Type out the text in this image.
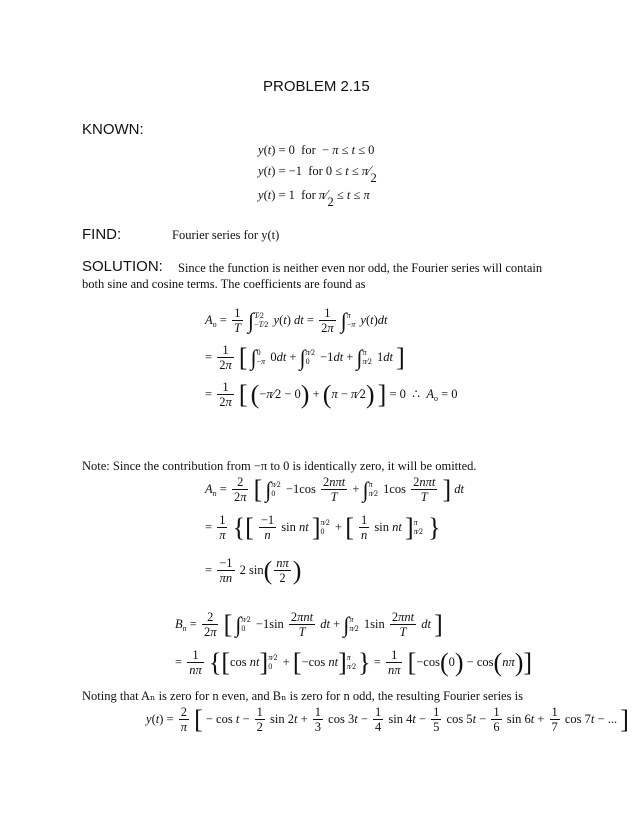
PROBLEM 2.15
KNOWN:
y(t) = 0  for  − π ≤ t ≤ 0
y(t) = −1  for 0 ≤ t ≤ π⁄2
y(t) = 1  for π⁄2 ≤ t ≤ π
FIND:	Fourier series for y(t)
SOLUTION: Since the function is neither even nor odd, the Fourier series will contain
both sine and cosine terms. The coefficients are found as
$A_o = \frac{1}{T}$ ∫ T⁄2
−T⁄2 y(t) dt = $\frac{1}{2\pi}$ ∫ π
−π y(t)dt
= $\frac{1}{2\pi}$ [ ∫ 0
−π 0dt + ∫ π⁄2
0 −1dt + ∫ π
π⁄2 1dt ]
= $\frac{1}{2\pi}$ [ (−π⁄2 − 0) + (π − π⁄2) ] = 0  ∴  $A_o = 0$
Note: Since the contribution from −π to 0 is identically zero, it will be omitted.
$A_n = \frac{2}{2\pi}$ [ ∫ π⁄2
$0 -1\cos \frac{\text{2nπt}}{T}$ + ∫ π
π⁄2 $1\cos \frac{\text{2nπt}}{T}$ ] dt
= $\frac{1}{\pi}$ {[ $\frac{-1}{n}$ sin nt ] π⁄2
0 + [ $\frac{1}{n}$ sin nt ] π
π⁄2 }
= $\frac{-1}{\pi n} 2$ $\sin( \frac{n\pi}{2}$ )
$B_n = \frac{2}{2\pi}$ [ ∫ π⁄2
$0 -1\sin \frac{\text{2πnt}}{T}$ dt + ∫ π
π⁄2 $1\sin \frac{\text{2πnt}}{T}$ dt ]
= $\frac{1}{n\pi} \{[\cos$ nt] π⁄2
0 + [−cos nt] π
π⁄2 } = $\frac{1}{n\pi} [-\cos(0) - \cos(n\pi)]$
Noting that Aₙ is zero for n even, and Bₙ is zero for n odd, the resulting Fourier series is
$y(t) = \frac{2}{\pi}$ [ − $\cos t - \frac{1}{2}$ $\sin 2t + \frac{1}{3}$ $\cos 3t - \frac{1}{4}$ $\sin 4t - \frac{1}{5}$ $\cos 5t - \frac{1}{6}$ $\sin 6t + \frac{1}{7}$ cos 7t − ... ]
